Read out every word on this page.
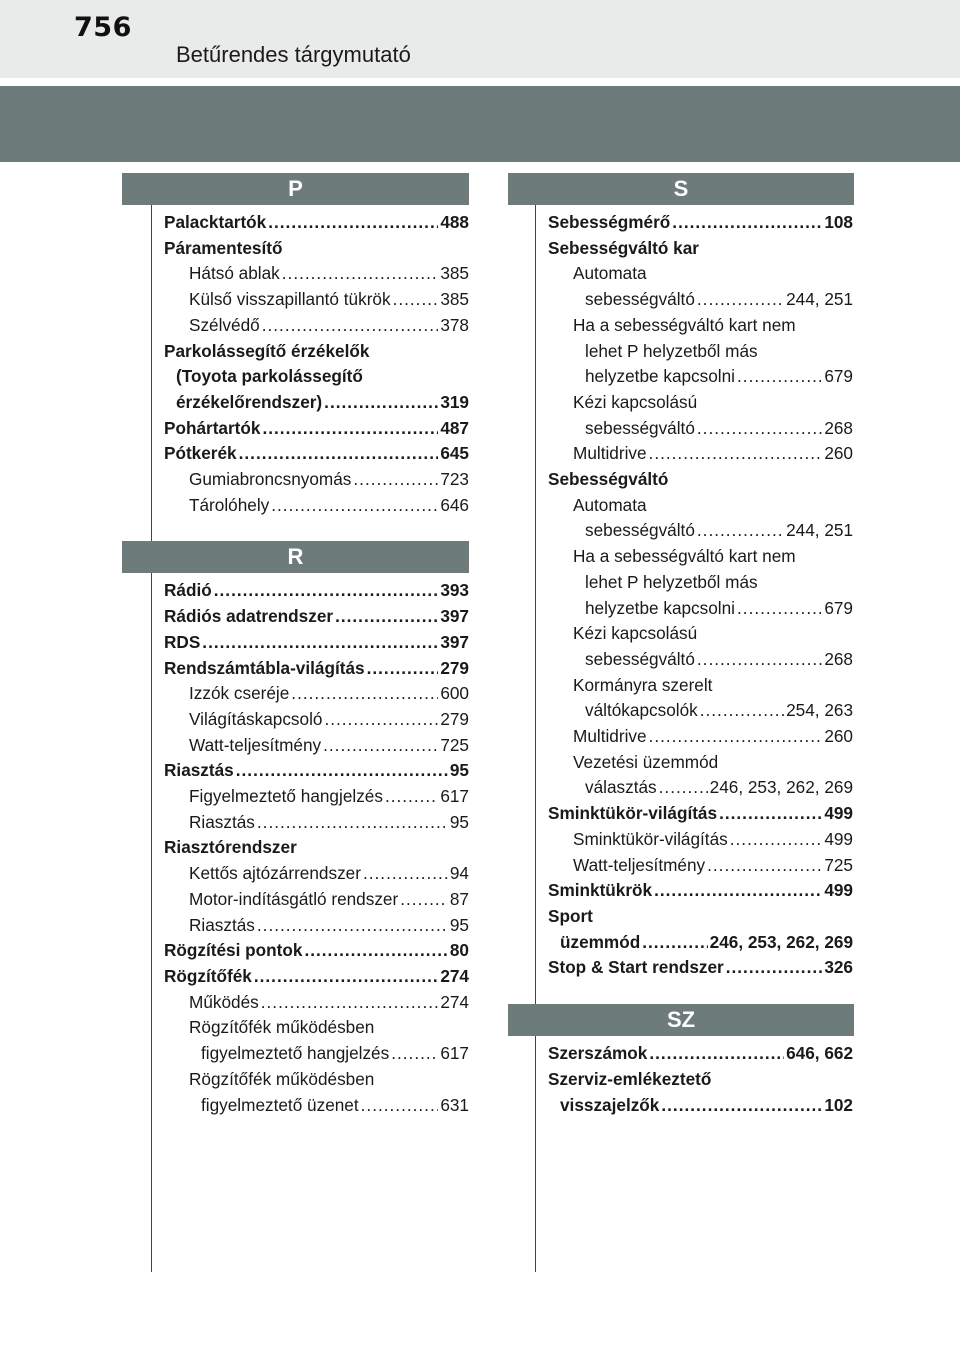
756
Betűrendes tárgymutató
P
Palacktartók .....	488
Páramentesítő
Hátsó ablak .....	385
Külső visszapillantó tükrök .....	385
Szélvédő .....	378
Parkolássegítő érzékelők
(Toyota parkolássegítő
érzékelőrendszer) .....	319
Pohártartók .....	487
Pótkerék .....	645
Gumiabroncsnyomás .....	723
Tárolóhely .....	646
R
Rádió .....	393
Rádiós adatrendszer .....	397
RDS .....	397
Rendszámtábla-világítás .....	279
Izzók cseréje .....	600
Világításkapcsoló .....	279
Watt-teljesítmény .....	725
Riasztás .....	95
Figyelmeztető hangjelzés .....	617
Riasztás .....	95
Riasztórendszer
Kettős ajtózárrendszer .....	94
Motor-indításgátló rendszer .....	87
Riasztás .....	95
Rögzítési pontok .....	80
Rögzítőfék .....	274
Működés .....	274
Rögzítőfék működésben
figyelmeztető hangjelzés .....	617
Rögzítőfék működésben
figyelmeztető üzenet .....	631
S
Sebességmérő .....	108
Sebességváltó kar
Automata
sebességváltó .....	244, 251
Ha a sebességváltó kart nem
lehet P helyzetből más
helyzetbe kapcsolni .....	679
Kézi kapcsolású
sebességváltó .....	268
Multidrive .....	260
Sebességváltó
Automata
sebességváltó .....	244, 251
Ha a sebességváltó kart nem
lehet P helyzetből más
helyzetbe kapcsolni .....	679
Kézi kapcsolású
sebességváltó .....	268
Kormányra szerelt
váltókapcsolók .....	254, 263
Multidrive .....	260
Vezetési üzemmód
választás .....	246, 253, 262, 269
Sminktükör-világítás .....	499
Sminktükör-világítás .....	499
Watt-teljesítmény .....	725
Sminktükrök .....	499
Sport
üzemmód .....	246, 253, 262, 269
Stop & Start rendszer .....	326
SZ
Szerszámok .....	646, 662
Szerviz-emlékeztető
visszajelzők .....	102
